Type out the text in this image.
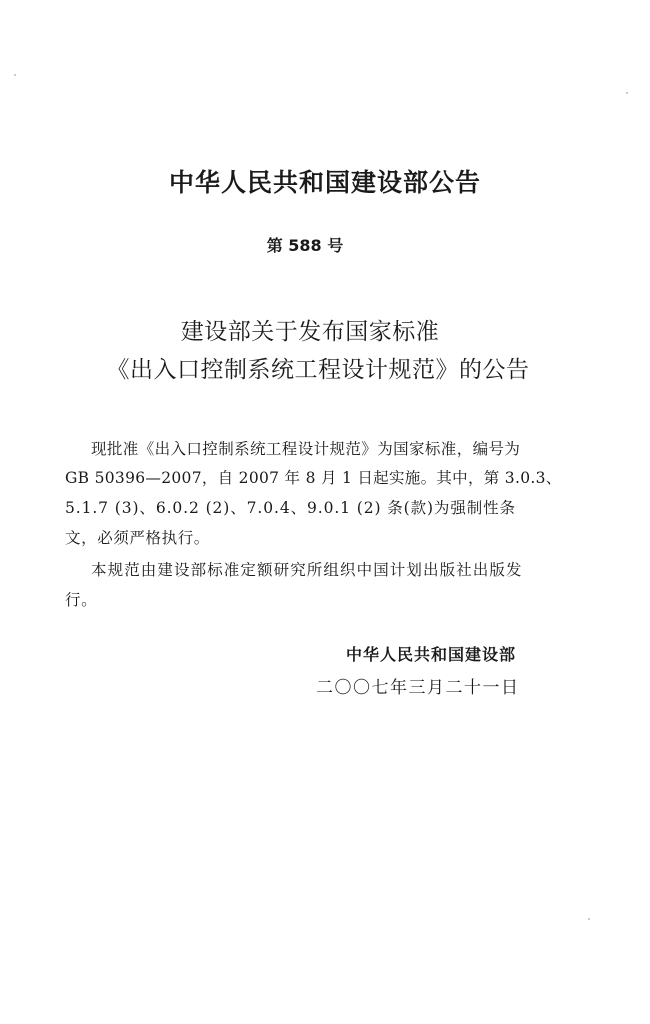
中华人民共和国建设部公告
第 588 号
建设部关于发布国家标准
《出入口控制系统工程设计规范》的公告
现批准《出入口控制系统工程设计规范》为国家标准，编号为
GB 50396—2007，自 2007 年 8 月 1 日起实施。其中，第 3.0.3、
5.1.7 (3)、6.0.2 (2)、7.0.4、9.0.1 (2) 条(款)为强制性条
文，必须严格执行。
本规范由建设部标准定额研究所组织中国计划出版社出版发
行。
中华人民共和国建设部
二〇〇七年三月二十一日
